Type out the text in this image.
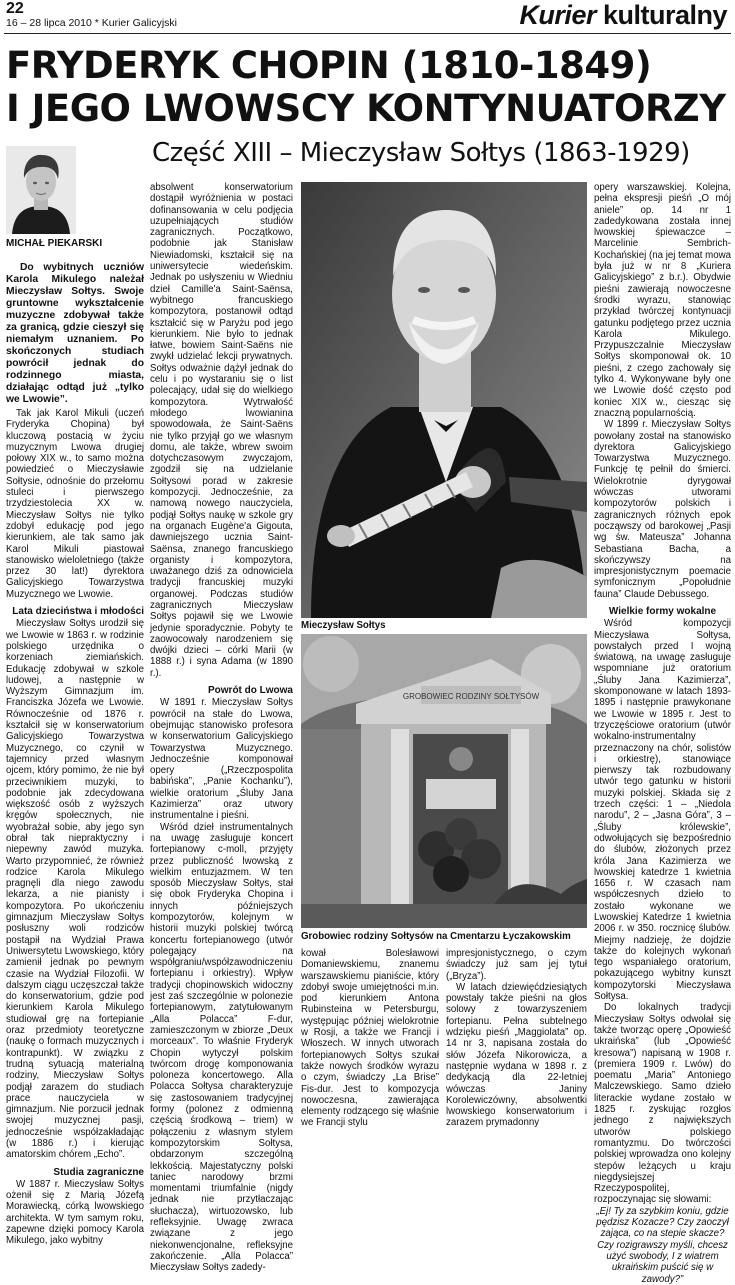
22
16 – 28 lipca 2010 * Kurier Galicyjski	Kurier kulturalny
FRYDERYK CHOPIN (1810-1849)
I JEGO LWOWSCY KONTYNUATORZY
Część XIII – Mieczysław Sołtys (1863-1929)
MICHAŁ PIEKARSKI

Do wybitnych uczniów Karola Mikulego należał Mieczysław Sołtys. Swoje gruntowne wykształcenie muzyczne zdobywał także za granicą, gdzie cieszył się niemałym uznaniem. Po skończonych studiach powrócił jednak do rodzinnego miasta, działając odtąd już „tylko we Lwowie”.

Tak jak Karol Mikuli (uczeń Fryderyka Chopina) był kluczową postacią w życiu muzycznym Lwowa drugiej połowy XIX w., to samo można powiedzieć o Mieczysławie Sołtysie, odnośnie do przełomu stuleci i pierwszego trzydziestolecia XX w. Mieczysław Sołtys nie tylko zdobył edukację pod jego kierunkiem, ale tak samo jak Karol Mikuli piastował stanowisko wieloletniego (także przez 30 lat!) dyrektora Galicyjskiego Towarzystwa Muzycznego we Lwowie.

Lata dzieciństwa i młodości

Mieczysław Sołtys urodził się we Lwowie w 1863 r. w rodzinie polskiego urzędnika o korzeniach ziemiańskich. Edukację zdobywał w szkole ludowej, a następnie w Wyższym Gimnazjum im. Franciszka Józefa we Lwowie. Równocześnie od 1876 r. kształcił się w konserwatorium Galicyjskiego Towarzystwa Muzycznego, co czynił w tajemnicy przed własnym ojcem, który pomimo, że nie był przeciwnikiem muzyki, to podobnie jak zdecydowana większość osób z wyższych kręgów społecznych, nie wyobrażał sobie, aby jego syn obrał tak niepraktyczny i niepewny zawód muzyka. Warto przypomnieć, że również rodzice Karola Mikulego pragnęli dla niego zawodu lekarza, a nie pianisty i kompozytora. Po ukończeniu gimnazjum Mieczysław Sołtys posłuszny woli rodziców postąpił na Wydział Prawa Uniwersytetu Lwowskiego, który zamienił jednak po pewnym czasie na Wydział Filozofii. W dalszym ciągu uczęszczał także do konserwatorium, gdzie pod kierunkiem Karola Mikulego studiował grę na fortepianie oraz przedmioty teoretyczne (naukę o formach muzycznych i kontrapunkt). W związku z trudną sytuacją materialną rodziny, Mieczysław Sołtys podjął zarazem do studiach prace nauczyciela w gimnazjum. Nie porzucił jednak swojej muzycznej pasji, jednocześnie współzakładając (w 1886 r.) i kierując amatorskim chórem „Echo”.

Studia zagraniczne

W 1887 r. Mieczysław Sołtys ożenił się z Marią Józefą Morawiecką, córką lwowskiego architekta. W tym samym roku, zapewne dzięki pomocy Karola Mikulego, jako wybitny

absolwent konserwatorium dostąpił wyróżnienia w postaci dofinansowania w celu podjęcia uzupełniających studiów zagranicznych. Początkowo, podobnie jak Stanisław Niewiadomski, kształcił się na uniwersytecie wiedeńskim. Jednak po usłyszeniu w Wiedniu dzieł Camille'a Saint-Saënsa, wybitnego francuskiego kompozytora, postanowił odtąd kształcić się w Paryżu pod jego kierunkiem. Nie było to jednak łatwe, bowiem Saint-Saëns nie zwykł udzielać lekcji prywatnych. Sołtys odważnie dążył jednak do celu i po wystaraniu się o list polecający, udał się do wielkiego kompozytora. Wytrwałość młodego lwowianina spowodowała, że Saint-Saëns nie tylko przyjął go we własnym domu, ale także, wbrew swoim dotychczasowym zwyczajom, zgodził się na udzielanie Sołtysowi porad w zakresie kompozycji. Jednocześnie, za namową nowego nauczyciela, podjął Sołtys naukę w szkole gry na organach Eugène'a Gigouta, dawniejszego ucznia Saint-Saënsa, znanego francuskiego organisty i kompozytora, uważanego dziś za odnowiciela tradycji francuskiej muzyki organowej. Podczas studiów zagranicznych Mieczysław Sołtys pojawił się we Lwowie jedynie sporadycznie. Pobyty te zaowocowały narodzeniem się dwójki dzieci – córki Marii (w 1888 r.) i syna Adama (w 1890 r.).

Powrót do Lwowa

W 1891 r. Mieczysław Sołtys powrócił na stałe do Lwowa, obejmując stanowisko profesora w konserwatorium Galicyjskiego Towarzystwa Muzycznego. Jednocześnie komponował opery („Rzeczpospolita babińska”, „Panie Kochanku”), wielkie oratorium „Śluby Jana Kazimierza” oraz utwory instrumentalne i pieśni.

Wśród dzieł instrumentalnych na uwagę zasługuje koncert fortepianowy c-moll, przyjęty przez publiczność lwowską z wielkim entuzjazmem. W ten sposób Mieczysław Sołtys, stał się obok Fryderyka Chopina i innych późniejszych kompozytorów, kolejnym w historii muzyki polskiej twórcą koncertu fortepianowego (utwór polegający na współgraniu/współzawodniczeniu fortepianu i orkiestry). Wpływ tradycji chopinowskich widoczny jest zaś szczególnie w polonezie fortepianowym, zatytułowanym „Alla Polacca” F-dur, zamieszczonym w zbiorze „Deux morceaux”. To właśnie Fryderyk Chopin wytyczył polskim twórcom drogę komponowania poloneza koncertowego. Alla Polacca Sołtysa charakteryzuje się zastosowaniem tradycyjnej formy (polonez z odmienną częścią środkową – triem) w połączeniu z własnym stylem kompozytorskim Sołtysa, obdarzonym szczególną lekkością. Majestatyczny polski taniec narodowy brzmi momentami triumfalnie (nigdy jednak nie przytłaczając słuchacza), wirtuozowsko, lub refleksyjnie. Uwagę zwraca związane z jego niekonwencjonalne, refleksyjne zakończenie. „Alla Polacca” Mieczysław Sołtys zadedy-

Mieczysław Sołtys
GROBOWIEC RODZINY SOŁTYSÓW
Grobowiec rodziny Sołtysów na Cmentarzu Łyczakowskim

kował Bolesławowi Domaniewskiemu, znanemu warszawskiemu pianiście, który zdobył swoje umiejętności m.in. pod kierunkiem Antona Rubinsteina w Petersburgu, występując później wielokrotnie w Rosji, a także we Francji i Włoszech. W innych utworach fortepianowych Sołtys szukał także nowych środków wyrazu o czym, świadczy „La Brise” Fis-dur. Jest to kompozycja nowoczesna, zawierająca elementy rodzącego się właśnie we Francji stylu

impresjonistycznego, o czym świadczy już sam jej tytuł („Bryza”).

W latach dziewięćdziesiątych powstały także pieśni na głos solowy z towarzyszeniem fortepianu. Pełna subtelnego wdzięku pieśń „Maggiolata” op. 14 nr 3, napisana została do słów Józefa Nikorowicza, a następnie wydana w 1898 r. z dedykacją dla 22-letniej wówczas Janiny Korolewiczówny, absolwentki lwowskiego konserwatorium i zarazem prymadonny

opery warszawskiej. Kolejna, pełna ekspresji pieśń „O mój aniele” op. 14 nr 1 zadedykowana została innej lwowskiej śpiewaczce – Marcelinie Sembrich-Kochańskiej (na jej temat mowa była już w nr 8 „Kuriera Galicyjskiego” z b.r.). Obydwie pieśni zawierają nowoczesne środki wyrazu, stanowiąc przykład twórczej kontynuacji gatunku podjętego przez ucznia Karola Mikulego. Przypuszczalnie Mieczysław Sołtys skomponował ok. 10 pieśni, z czego zachowały się tylko 4. Wykonywane były one we Lwowie dość często pod koniec XIX w., ciesząc się znaczną popularnością.

W 1899 r. Mieczysław Sołtys powołany został na stanowisko dyrektora Galicyjskiego Towarzystwa Muzycznego. Funkcję tę pełnił do śmierci. Wielokrotnie dyrygował wówczas utworami kompozytorów polskich i zagranicznych różnych epok począwszy od barokowej „Pasji wg św. Mateusza” Johanna Sebastiana Bacha, a skończywszy na impresjonistycznym poemacie symfonicznym „Popołudnie fauna” Claude Debussego.

Wielkie formy wokalne

Wśród kompozycji Mieczysława Sołtysa, powstałych przed I wojną światową, na uwagę zasługuje wspomniane już oratorium „Śluby Jana Kazimierza”, skomponowane w latach 1893-1895 i następnie prawykonane we Lwowie w 1895 r. Jest to trzyczęściowe oratorium (utwór wokalno-instrumentalny przeznaczony na chór, solistów i orkiestrę), stanowiące pierwszy tak rozbudowany utwór tego gatunku w historii muzyki polskiej. Składa się z trzech części: 1 – „Niedola narodu”, 2 – „Jasna Góra”, 3 – „Śluby królewskie”, odwołujących się bezpośrednio do ślubów, złożonych przez króla Jana Kazimierza we lwowskiej katedrze 1 kwietnia 1656 r. W czasach nam współczesnych dzieło to zostało wykonane we Lwowskiej Katedrze 1 kwietnia 2006 r. w 350. rocznicę ślubów. Miejmy nadzieję, że dojdzie także do kolejnych wykonań tego wspaniałego oratorium, pokazującego wybitny kunszt kompozytorski Mieczysława Sołtysa.

Do lokalnych tradycji Mieczysław Sołtys odwołał się także tworząc operę „Opowieść ukraińska” (lub „Opowieść kresowa”) napisaną w 1908 r. (premiera 1909 r. Lwów) do poematu „Maria” Antoniego Malczewskiego. Samo dzieło literackie wydane zostało w 1825 r. zyskując rozgłos jednego z największych utworów polskiego romantyzmu. Do twórczości polskiej wprowadza ono kolejny stepów leżących u kraju niegdysiejszej Rzeczypospolitej, rozpoczynając się słowami:

„Ej! Ty za szybkim koniu, gdzie pędzisz Kozacze? Czy zaoczył zająca, co na stepie skacze? Czy rozigrawszy myśli, chcesz użyć swobody, I z wiatrem ukraińskim puścić się w zawody?”
